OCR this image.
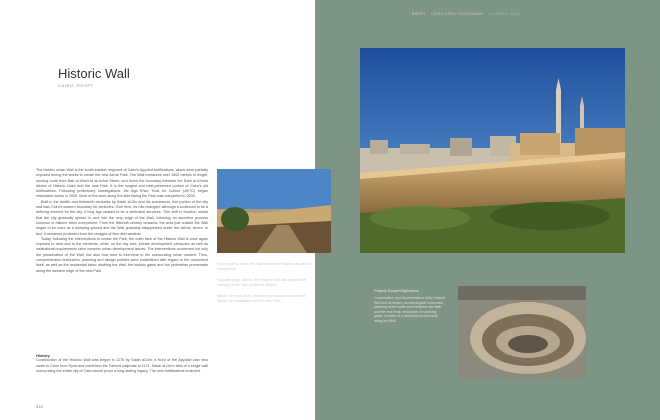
EGYPT CAIRO AREA PROGRAMME HISTORIC WALL
Historic Wall
CAIRO, EGYPT

The historic urban Wall is the south-eastern segment of Cairo's Ayyubid fortifications, which were partially exposed during the works to create the new Azhar Park. The Wall measures over 1500 metres in length, running north from Bab al-Wazir to al-Azhar Street, and forms the boundary between the Darb al-Ahmar district of Historic Cairo and the new Park. It is the longest and best-preserved portion of Cairo's old fortifications. Following preliminary investigations, the Aga Khan Trust for Culture (AKTC) began restoration works in 2000. Most of the work along the side facing the Park was completed in 2005.

Built in the twelfth and thirteenth centuries by Salah al-Din and his successors, this portion of the city wall was Cairo's eastern boundary for centuries. Over time, its role changed: although it continued to be a defining element for the city, it long ago ceased to be a defensive structure. This shift in function meant that the city gradually spread to and into the very edge of the Wall, following an accretive process common to historic cities everywhere. From the fifteenth century onwards, the area just outside the Wall began to be used as a dumping ground and the Wall gradually disappeared under the debris, where, in fact, it remained protected from the ravages of time and weather.

Today, following the interventions to create the Park, the outer face of the Historic Wall is once again exposed to view and to the elements, while, on the city side, private development pressures as well as institutional requirements raise complex urban development issues. The interventions concerned not only the preservation of the Wall, but also how best to intervene in the surrounding urban context. Thus, comprehensive restoration, planning and design policies were established with regard to the monument itself, as well as the residential fabric abutting the Wall, the historic gates and the pedestrian promenade along the western edge of the new Park.

History

Construction of the Historic Wall was begun in 1176 by Salah al-Din, a Kurd of the Ayyubid clan who came to Cairo from Syria and overthrew the Fatimid caliphate in 1171. Salah al-Din's idea of a single wall surrounding the entire city of Cairo would prove a long-lasting legacy. The new fortifications encircled

318

From south to north, the wall frames the historic city and its monuments.

Opposite page: above, the Historic Wall and beyond the rooftops of the Darb al-Ahmar district.

Below, the ruins of an Ottoman-era structure uncovered during the excavations for the new Park.

Project Scope/Objectives
Conservation and documentation of the Historic Wall and its towers; archaeological excavation; planning of the buffer zone between the Wall and the new Park; restoration of surviving gates; creation of a pedestrian promenade along the Wall.
